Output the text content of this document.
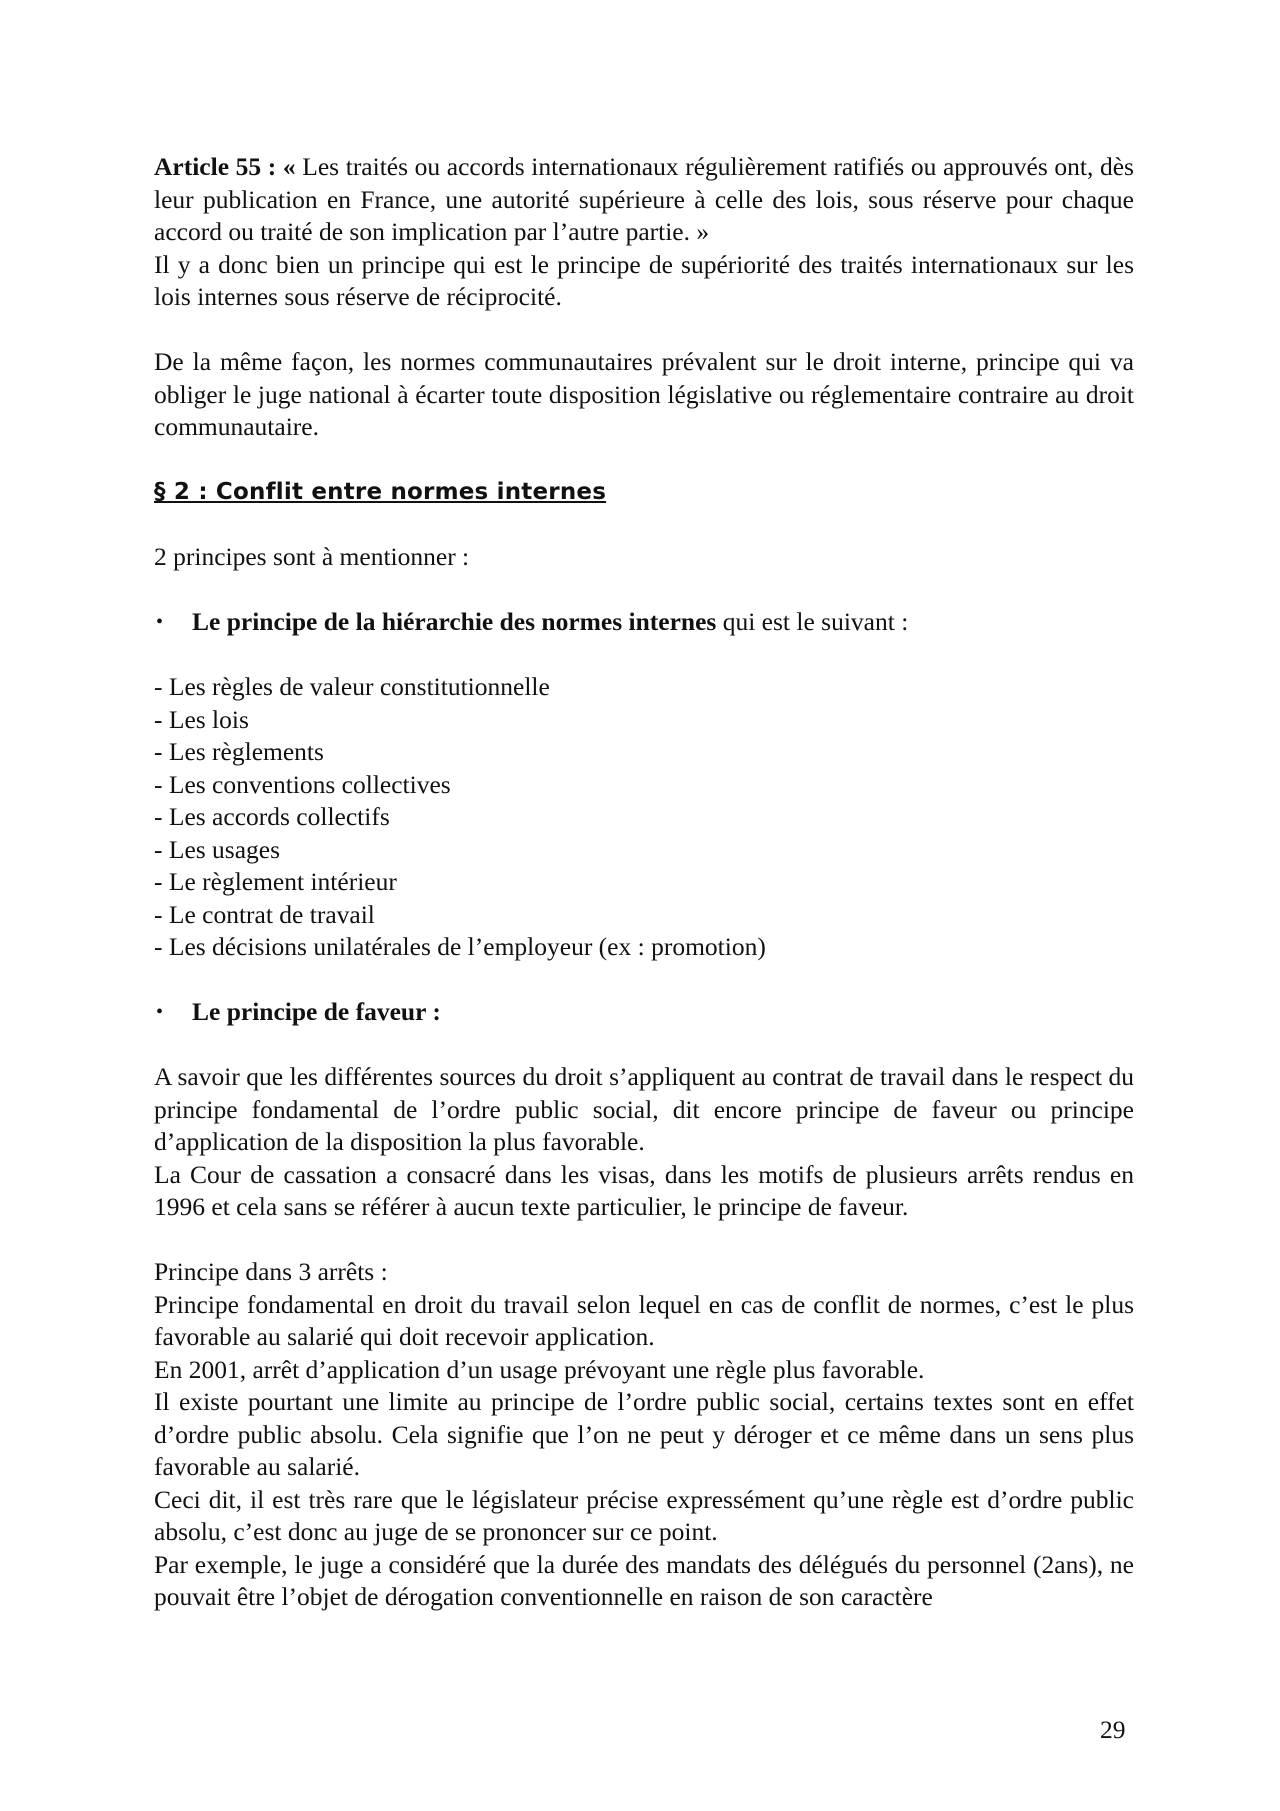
Article 55 : « Les traités ou accords internationaux régulièrement ratifiés ou approuvés ont, dès leur publication en France, une autorité supérieure à celle des lois, sous réserve pour chaque accord ou traité de son implication par l’autre partie. »

Il y a donc bien un principe qui est le principe de supériorité des traités internationaux sur les lois internes sous réserve de réciprocité.

De la même façon, les normes communautaires prévalent sur le droit interne, principe qui va obliger le juge national à écarter toute disposition législative ou réglementaire contraire au droit communautaire.

§ 2 : Conflit entre normes internes

2 principes sont à mentionner :

• Le principe de la hiérarchie des normes internes qui est le suivant :

- Les règles de valeur constitutionnelle
- Les lois
- Les règlements
- Les conventions collectives
- Les accords collectifs
- Les usages
- Le règlement intérieur
- Le contrat de travail
- Les décisions unilatérales de l’employeur (ex : promotion)

• Le principe de faveur :

A savoir que les différentes sources du droit s’appliquent au contrat de travail dans le respect du principe fondamental de l’ordre public social, dit encore principe de faveur ou principe d’application de la disposition la plus favorable.

La Cour de cassation a consacré dans les visas, dans les motifs de plusieurs arrêts rendus en 1996 et cela sans se référer à aucun texte particulier, le principe de faveur.

Principe dans 3 arrêts :

Principe fondamental en droit du travail selon lequel en cas de conflit de normes, c’est le plus favorable au salarié qui doit recevoir application.

En 2001, arrêt d’application d’un usage prévoyant une règle plus favorable.

Il existe pourtant une limite au principe de l’ordre public social, certains textes sont en effet d’ordre public absolu. Cela signifie que l’on ne peut y déroger et ce même dans un sens plus favorable au salarié.

Ceci dit, il est très rare que le législateur précise expressément qu’une règle est d’ordre public absolu, c’est donc au juge de se prononcer sur ce point.

Par exemple, le juge a considéré que la durée des mandats des délégués du personnel (2ans), ne pouvait être l’objet de dérogation conventionnelle en raison de son caractère

29
